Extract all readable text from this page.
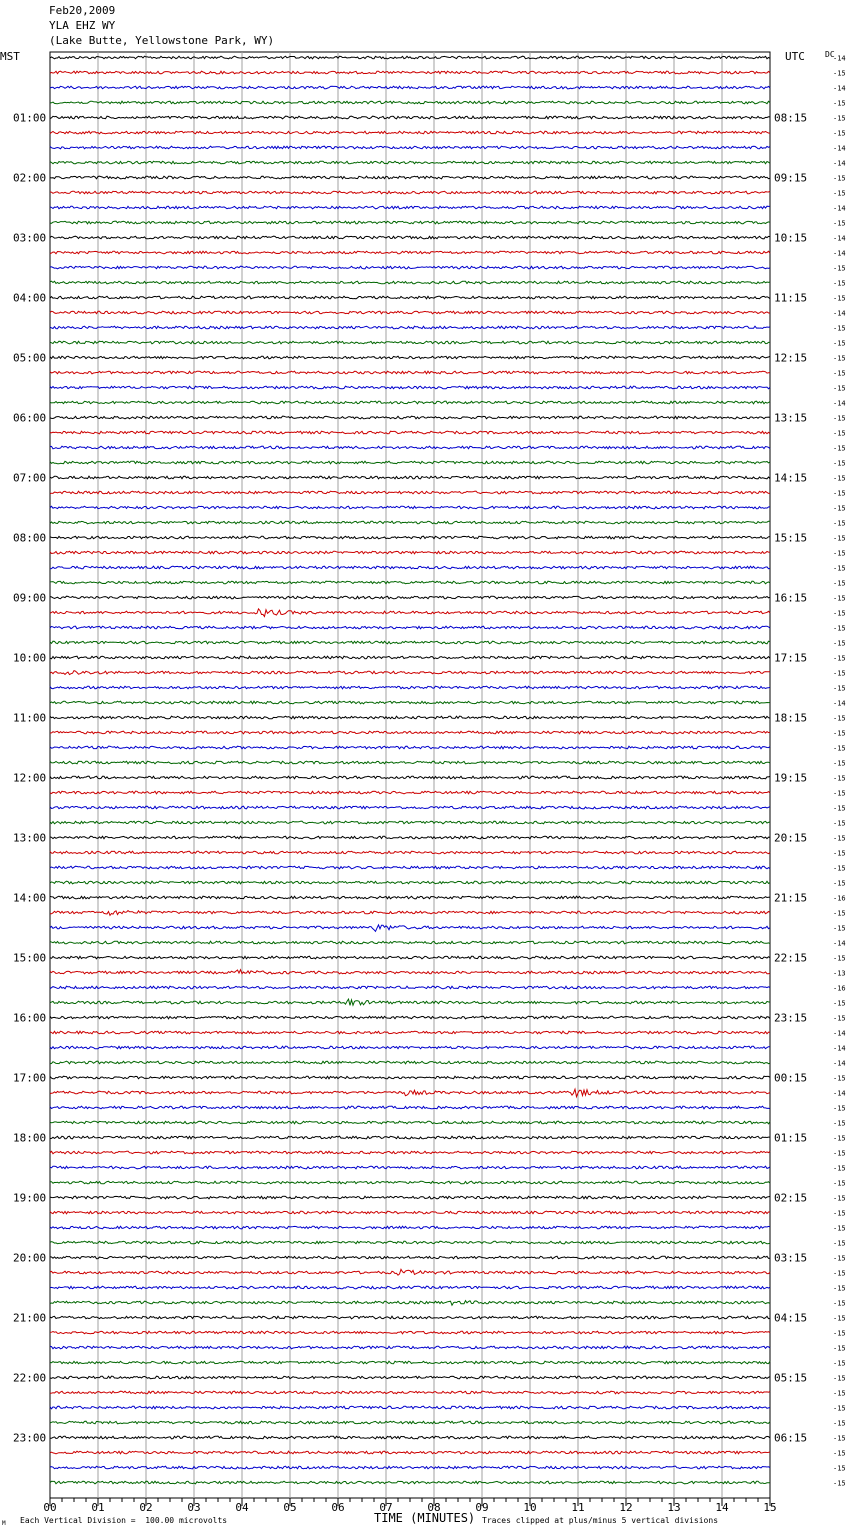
Feb20,2009
YLA EHZ WY
(Lake Butte, Yellowstone Park, WY)
MST	UTC	DC
-14
-15
-14
-15
-15
-15
-14
-14
-15
-15
-14
-15
-14
-14
-15
-15
-15
-14
-15
-15
-15
-15
-15
-14
-15
-15
-15
-15
-15
-15
-15
-15
-15
-15
-15
-15
-15
-15
-15
-15
-15
-15
-15
-14
-15
-15
-15
-15
-15
-15
-15
-15
-15
-15
-15
-15
-16
-15
-15
-14
-15
-13
-16
-15
-15
-14
-14
-14
-15
-14
-15
-15
-15
-15
-15
-15
-15
-15
-15
-15
-15
-15
-15
-15
-15
-15
-15
-15
-15
-15
-15
-15
-15
-15
-15
-15
01:00	08:15
02:00	09:15
03:00	10:15
04:00	11:15
05:00	12:15
06:00	13:15
07:00	14:15
08:00	15:15
09:00	16:15
10:00	17:15
11:00	18:15
12:00	19:15
13:00	20:15
14:00	21:15
15:00	22:15
16:00	23:15
17:00	00:15
18:00	01:15
19:00	02:15
20:00	03:15
21:00	04:15
22:00	05:15
23:00	06:15
00	01	02	03	04	05	06	07	08	09	10	11	12	13	14	15
Each Vertical Division =  100.00 microvolts
M	TIME (MINUTES) Traces clipped at plus/minus 5 vertical divisions
